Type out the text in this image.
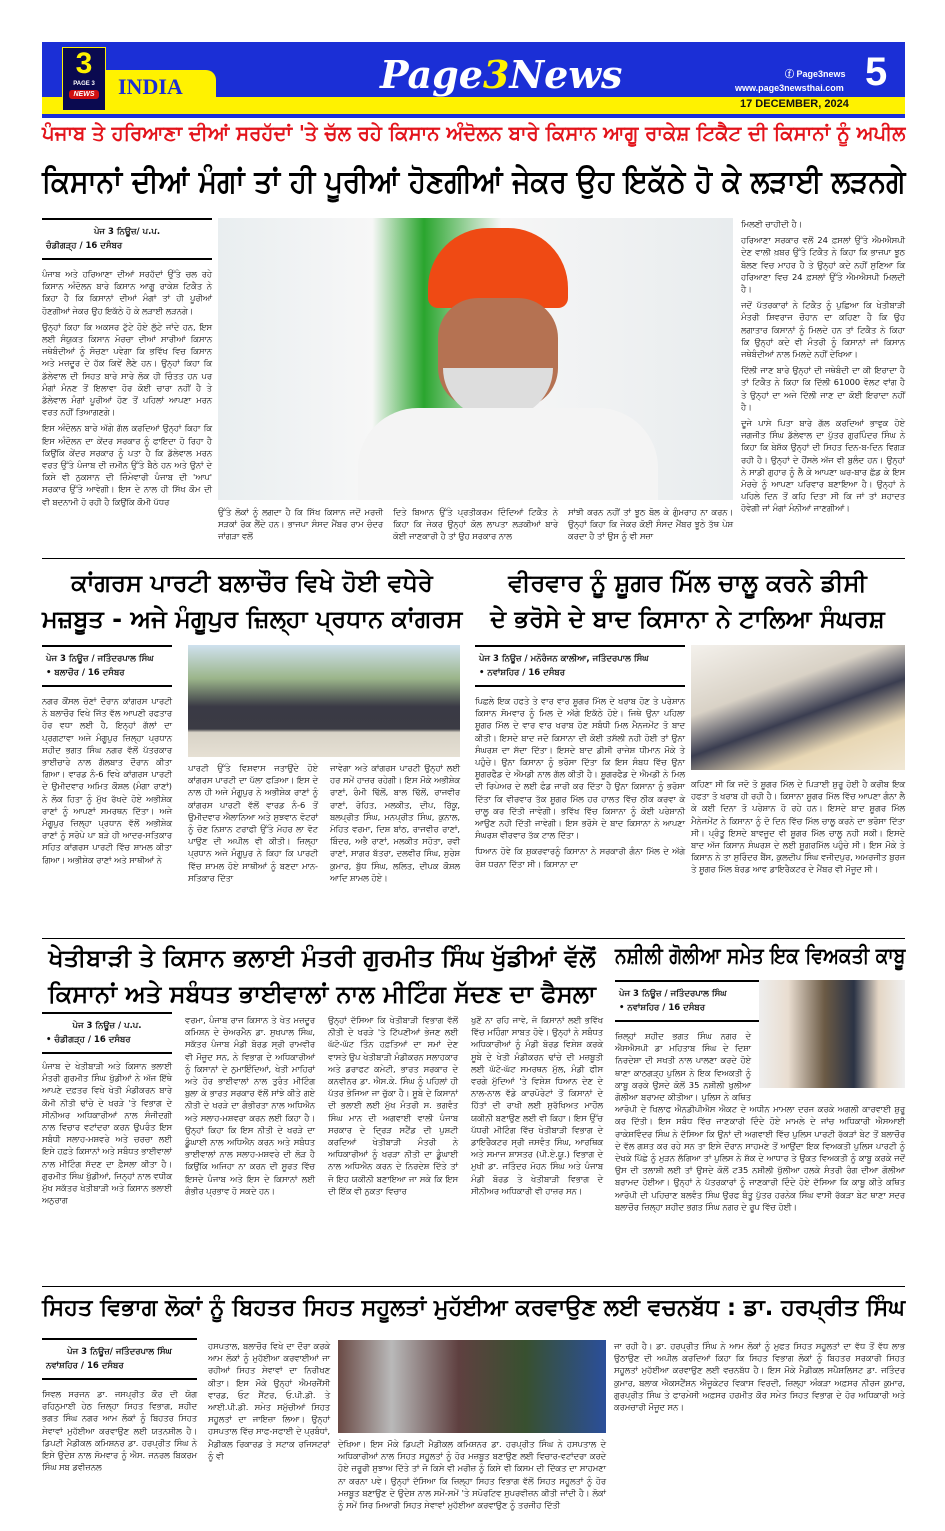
3
PAGE 3
NEWS	INDIA	Page3News	ⓕ Page3news
www.page3newsthai.com 5
17 DECEMBER, 2024
ਪੰਜਾਬ ਤੇ ਹਰਿਆਣਾ ਦੀਆਂ ਸਰਹੱਦਾਂ 'ਤੇ ਚੱਲ ਰਹੇ ਕਿਸਾਨ ਅੰਦੋਲਨ ਬਾਰੇ ਕਿਸਾਨ ਆਗੂ ਰਾਕੇਸ਼ ਟਿਕੈਟ ਦੀ ਕਿਸਾਨਾਂ ਨੂੰ ਅਪੀਲ
ਕਿਸਾਨਾਂ ਦੀਆਂ ਮੰਗਾਂ ਤਾਂ ਹੀ ਪੂਰੀਆਂ ਹੋਣਗੀਆਂ ਜੇਕਰ ਉਹ ਇਕੱਠੇ ਹੋ ਕੇ ਲੜਾਈ ਲੜਨਗੇ
ਪੇਜ 3 ਨਿਊਜ਼/ ਪ.ਪ.
ਚੰਡੀਗੜ੍ਹ / 16 ਦਸੰਬਰ

ਪੰਜਾਬ ਅਤੇ ਹਰਿਆਣਾ ਦੀਆਂ ਸਰਹੱਦਾਂ ਉੱਤੇ ਚਲ ਰਹੇ ਕਿਸਾਨ ਅੰਦੋਲਨ ਬਾਰੇ ਕਿਸਾਨ ਆਗੂ ਰਾਕੇਸ਼ ਟਿਕੈਤ ਨੇ ਕਿਹਾ ਹੈ ਕਿ ਕਿਸਾਨਾਂ ਦੀਆਂ ਮੰਗਾਂ ਤਾਂ ਹੀ ਪੂਰੀਆਂ ਹੋਣਗੀਆਂ ਜੇਕਰ ਉਹ ਇਕੱਠੇ ਹੋ ਕੇ ਲੜਾਈ ਲੜਨਗੇ।

ਉਨ੍ਹਾਂ ਕਿਹਾ ਕਿ ਅਕਸਰ ਟੁੱਟੇ ਹੋਏ ਲੁੱਟੇ ਜਾਂਦੇ ਹਨ, ਇਸ ਲਈ ਸੰਯੁਕਤ ਕਿਸਾਨ ਮੋਰਚਾ ਦੀਆਂ ਸਾਰੀਆਂ ਕਿਸਾਨ ਜਥੇਬੰਦੀਆਂ ਨੂੰ ਸੋਚਣਾ ਪਵੇਗਾ ਕਿ ਭਵਿੱਖ ਵਿਚ ਕਿਸਾਨ ਅਤੇ ਮਜ਼ਦੂਰ ਦੇ ਹੱਕ ਕਿਵੇਂ ਲੈਣੇ ਹਨ। ਉਨ੍ਹਾਂ ਕਿਹਾ ਕਿ ਡੱਲੇਵਾਲ ਦੀ ਸਿਹਤ ਬਾਰੇ ਸਾਰੇ ਲੋਕ ਹੀ ਚਿੰਤਤ ਹਨ ਪਰ ਮੰਗਾਂ ਮੰਨਣ ਤੋਂ ਇਲਾਵਾ ਹੋਰ ਕੋਈ ਚਾਰਾ ਨਹੀਂ ਹੈ ਤੇ ਡੱਲੇਵਾਲ ਮੰਗਾਂ ਪੂਰੀਆਂ ਹੋਣ ਤੋਂ ਪਹਿਲਾਂ ਆਪਣਾ ਮਰਨ ਵਰਤ ਨਹੀਂ ਤਿਆਗਣਗੇ।

ਇਸ ਅੰਦੋਲਨ ਬਾਰੇ ਅੱਗੇ ਗੱਲ ਕਰਦਿਆਂ ਉਨ੍ਹਾਂ ਕਿਹਾ ਕਿ ਇਸ ਅੰਦੋਲਨ ਦਾ ਕੇਂਦਰ ਸਰਕਾਰ ਨੂੰ ਫਾਇਦਾ ਹੋ ਰਿਹਾ ਹੈ ਕਿਉਂਕਿ ਕੇਂਦਰ ਸਰਕਾਰ ਨੂੰ ਪਤਾ ਹੈ ਕਿ ਡੱਲੇਵਾਲ ਮਰਨ ਵਰਤ ਉੱਤੇ ਪੰਜਾਬ ਦੀ ਜ਼ਮੀਨ ਉੱਤੇ ਬੈਠੇ ਹਨ ਅਤੇ ਉਨਾਂ ਦੇ ਕਿਸੇ ਵੀ ਨੁਕਸਾਨ ਦੀ ਜ਼ਿੰਮੇਵਾਰੀ ਪੰਜਾਬ ਦੀ 'ਆਪ' ਸਰਕਾਰ ਉੱਤੇ ਆਵੇਗੀ। ਇਸ ਦੇ ਨਾਲ ਹੀ ਸਿੱਖ ਕੌਮ ਦੀ ਵੀ ਬਦਨਾਮੀ ਹੋ ਰਹੀ ਹੈ ਕਿਉਂਕਿ ਕੌਮੀ ਪੱਧਰ

ਉੱਤੇ ਲੋਕਾਂ ਨੂੰ ਲਗਦਾ ਹੈ ਕਿ ਸਿੱਖ ਕਿਸਾਨ ਜਦੋਂ ਮਰਜ਼ੀ ਸੜਕਾਂ ਰੋਕ ਲੈਂਦੇ ਹਨ। ਭਾਜਪਾ ਸੰਸਦ ਮੈਂਬਰ ਰਾਮ ਚੰਦਰ ਜਾਂਗੜਾ ਵਲੋਂ
ਦਿਤੇ ਬਿਆਨ ਉੱਤੇ ਪ੍ਰਤੀਕਰਮ ਦਿੰਦਿਆਂ ਟਿਕੈਤ ਨੇ ਕਿਹਾ ਕਿ ਜੇਕਰ ਉਨ੍ਹਾਂ ਕੋਲ ਲਾਪਤਾ ਲੜਕੀਆਂ ਬਾਰੇ ਕੋਈ ਜਾਣਕਾਰੀ ਹੈ ਤਾਂ ਉਹ ਸਰਕਾਰ ਨਾਲ
ਸਾਂਝੀ ਕਰਨ ਨਹੀਂ ਤਾਂ ਝੂਠ ਬੋਲ ਕੇ ਗੁੰਮਰਾਹ ਨਾ ਕਰਨ। ਉਨ੍ਹਾਂ ਕਿਹਾ ਕਿ ਜੇਕਰ ਕੋਈ ਸੰਸਦ ਮੈਂਬਰ ਝੂਠੇ ਤੱਥ ਪੇਸ਼ ਕਰਦਾ ਹੈ ਤਾਂ ਉਸ ਨੂੰ ਵੀ ਸਜ਼ਾ

ਮਿਲਣੀ ਚਾਹੀਦੀ ਹੈ।

ਹਰਿਆਣਾ ਸਰਕਾਰ ਵਲੋਂ 24 ਫ਼ਸਲਾਂ ਉੱਤੇ ਐਮਐਸਪੀ ਦੇਣ ਵਾਲੀ ਖ਼ਬਰ ਉੱਤੇ ਟਿਕੈਤ ਨੇ ਕਿਹਾ ਕਿ ਭਾਜਪਾ ਝੂਠ ਬੋਲਣ ਵਿਚ ਮਾਹਰ ਹੈ ਤੇ ਉਨ੍ਹਾਂ ਕਦੇ ਨਹੀਂ ਸੁਣਿਆ ਕਿ ਹਰਿਆਣਾ ਵਿਚ 24 ਫ਼ਸਲਾਂ ਉੱਤੇ ਐਮਐਸਪੀ ਮਿਲਦੀ ਹੈ।

ਜਦੋਂ ਪੱਤਰਕਾਰਾਂ ਨੇ ਟਿਕੈਤ ਨੂੰ ਪੁਛਿਆ ਕਿ ਖੇਤੀਬਾੜੀ ਮੰਤਰੀ ਸ਼ਿਵਰਾਜ ਚੌਹਾਨ ਦਾ ਕਹਿਣਾ ਹੈ ਕਿ ਉਹ ਲਗਾਤਾਰ ਕਿਸਾਨਾਂ ਨੂੰ ਮਿਲਦੇ ਹਨ ਤਾਂ ਟਿਕੈਤ ਨੇ ਕਿਹਾ ਕਿ ਉਨ੍ਹਾਂ ਕਦੇ ਵੀ ਮੰਤਰੀ ਨੂੰ ਕਿਸਾਨਾਂ ਜਾਂ ਕਿਸਾਨ ਜਥੇਬੰਦੀਆਂ ਨਾਲ ਮਿਲਦੇ ਨਹੀਂ ਦੇਖਿਆ।

ਦਿੱਲੀ ਜਾਣ ਬਾਰੇ ਉਨ੍ਹਾਂ ਦੀ ਜਥੇਬੰਦੀ ਦਾ ਕੀ ਇਰਾਦਾ ਹੈ ਤਾਂ ਟਿਕੈਤ ਨੇ ਕਿਹਾ ਕਿ ਦਿੱਲੀ 61000 ਵੋਲਟ ਵਾਂਗ ਹੈ ਤੇ ਉਨ੍ਹਾਂ ਦਾ ਅਜੇ ਦਿੱਲੀ ਜਾਣ ਦਾ ਕੋਈ ਇਰਾਦਾ ਨਹੀਂ ਹੈ।

ਦੂਜੇ ਪਾਸੇ ਪਿਤਾ ਬਾਰੇ ਗੱਲ ਕਰਦਿਆਂ ਭਾਵੁਕ ਹੋਏ ਜਗਜੀਤ ਸਿੰਘ ਡੱਲੇਵਾਲ ਦਾ ਪੁੱਤਰ ਗੁਰਪਿੰਦਰ ਸਿੰਘ ਨੇ ਕਿਹਾ ਕਿ ਬੇਸ਼ੱਕ ਉਨ੍ਹਾਂ ਦੀ ਸਿਹਤ ਦਿਨ-ਬ-ਦਿਨ ਵਿਗੜ ਰਹੀ ਹੈ। ਉਨ੍ਹਾਂ ਦੇ ਹੌਂਸਲੇ ਅੱਜ ਵੀ ਬੁਲੰਦ ਹਨ। ਉਨ੍ਹਾਂ ਨੇ ਸਾਡੀ ਗੁਹਾਰ ਨੂੰ ਲੈ ਕੇ ਆਪਣਾ ਘਰ-ਬਾਰ ਛੱਡ ਕੇ ਇਸ ਮੋਰਚੇ ਨੂੰ ਆਪਣਾ ਪਰਿਵਾਰ ਬਣਾਇਆ ਹੈ। ਉਨ੍ਹਾਂ ਨੇ ਪਹਿਲੇ ਦਿਨ ਤੋਂ ਕਹਿ ਦਿਤਾ ਸੀ ਕਿ ਜਾਂ ਤਾਂ ਸ਼ਹਾਦਤ ਹੋਵੇਗੀ ਜਾਂ ਮੰਗਾਂ ਮੰਨੀਆਂ ਜਾਣਗੀਆਂ।

ਕਾਂਗਰਸ ਪਾਰਟੀ ਬਲਾਚੌਰ ਵਿਖੇ ਹੋਈ ਵਧੇਰੇ
ਮਜ਼ਬੂਤ - ਅਜੇ ਮੰਗੂਪੁਰ ਜ਼ਿਲ੍ਹਾ ਪ੍ਰਧਾਨ ਕਾਂਗਰਸ
ਪੇਜ 3 ਨਿਊਜ਼ / ਜਤਿੰਦਰਪਾਲ ਸਿੰਘ
• ਬਲਾਚੌਰ / 16 ਦਸੰਬਰ
ਨਗਰ ਕੌਂਸਲ ਚੋਣਾਂ ਦੌਰਾਨ ਕਾਂਗਰਸ ਪਾਰਟੀ ਨੇ ਬਲਾਚੌਰ ਵਿਖੇ ਜਿੱਤ ਵੱਲ ਆਪਣੀ ਰਫਤਾਰ ਹੋਰ ਵਧਾ ਲਈ ਹੈ, ਇਨ੍ਹਾਂ ਗੱਲਾਂ ਦਾ ਪ੍ਰਗਟਾਵਾ ਅਜੇ ਮੰਗੂਪੁਰ ਜ਼ਿਲ੍ਹਾ ਪ੍ਰਧਾਨ ਸ਼ਹੀਦ ਭਗਤ ਸਿੰਘ ਨਗਰ ਵੱਲੋਂ ਪੱਤਰਕਾਰ ਭਾਈਚਾਰੇ ਨਾਲ ਗੱਲਬਾਤ ਦੌਰਾਨ ਕੀਤਾ ਗਿਆ। ਵਾਰਡ ਨੰ-6 ਵਿਖੇ ਕਾਂਗਰਸ ਪਾਰਟੀ ਦੇ ਉਮੀਦਵਾਰ ਅਮਿਤ ਕੌਸ਼ਲ (ਮੰਗਾ ਰਾਣਾਂ) ਨੇ ਲੋਕ ਹਿਤਾ ਨੂੰ ਮੁੱਖ ਰੱਖਦੇ ਹੋਏ ਅਭੀਸ਼ੇਕ ਰਾਣਾਂ ਨੂੰ ਆਪਣਾਂ ਸਮਰਥਨ ਦਿੱਤਾ। ਅਜੇ ਮੰਗੂਪੁਰ ਜ਼ਿਲ੍ਹਾ ਪ੍ਰਧਾਨ ਵੱਲੋਂ ਅਭੀਸ਼ੇਕ ਰਾਣਾਂ ਨੂੰ ਸਰੋਪੇ ਪਾ ਬੜੇ ਹੀ ਆਦਰ-ਸਤਿਕਾਰ ਸਹਿਤ ਕਾਂਗਰਸ ਪਾਰਟੀ ਵਿੱਚ ਸ਼ਾਮਲ ਕੀਤਾ ਗਿਆ। ਅਭੀਸ਼ੇਕ ਰਾਣਾਂ ਅਤੇ ਸਾਥੀਆਂ ਨੇ
ਪਾਰਟੀ ਉੱਤੇ ਵਿਸ਼ਵਾਸ ਜਤਾਉਂਦੇ ਹੋਏ ਕਾਂਗਰਸ ਪਾਰਟੀ ਦਾ ਪੱਲਾ ਫੜਿਆ। ਇਸ ਦੇ ਨਾਲ ਹੀ ਅਜੇ ਮੰਗੂਪੁਰ ਨੇ ਅਭੀਸ਼ੇਕ ਰਾਣਾਂ ਨੂੰ ਕਾਂਗਰਸ ਪਾਰਟੀ ਵੱਲੋਂ ਵਾਰਡ ਨੰ-6 ਤੋਂ ਉਮੀਦਵਾਰ ਐਲਾਨਿਆ ਅਤੇ ਸੁਝਵਾਨ ਵੋਟਰਾਂ ਨੂੰ ਚੋਣ ਨਿਸ਼ਾਨ ਟਰਾਫੀ ਉੱਤੇ ਮੋਹਰ ਲਾ ਵੋਟ ਪਾਉਣ ਦੀ ਅਪੀਲ ਵੀ ਕੀਤੀ। ਜ਼ਿਲ੍ਹਾ ਪ੍ਰਧਾਨ ਅਜੇ ਮੰਗੂਪੁਰ ਨੇ ਕਿਹਾ ਕਿ ਪਾਰਟੀ ਵਿੱਚ ਸ਼ਾਮਲ ਹੋਏ ਸਾਥੀਆਂ ਨੂੰ ਬਣਦਾ ਮਾਨ-ਸਤਿਕਾਰ ਦਿੱਤਾ
ਜਾਵੇਗਾ ਅਤੇ ਕਾਂਗਰਸ ਪਾਰਟੀ ਉਨ੍ਹਾਂ ਲਈ ਹਰ ਸਮੇਂ ਹਾਜ਼ਰ ਰਹੇਗੀ। ਇਸ ਮੌਕੇ ਅਭੀਸ਼ੇਕ ਰਾਣਾਂ, ਰੰਮੀ ਢਿੱਲੋਂ, ਬਾਲ ਢਿੱਲੋਂ, ਰਾਜਵੀਰ ਰਾਣਾਂ, ਰੋਹਿਤ, ਮਲਕੀਤ, ਦੀਪ, ਰਿੱਕੂ, ਬਲਪ੍ਰੀਤ ਸਿੰਘ, ਮਨਪ੍ਰੀਤ ਸਿੰਘ, ਕੁਨਾਲ, ਮੋਹਿਤ ਵਰਮਾ, ਦਿਸ਼ ਬਾਂਠ, ਰਾਜਵੀਰ ਰਾਣਾਂ, ਬਿੰਦਰ, ਅਭੈ ਰਾਣਾਂ, ਮਲਕੀਤ ਸਹੋਤਾ, ਰਵੀ ਰਾਣਾਂ, ਸਾਗਰ ਬੱਤਰਾ, ਦਲਵੀਰ ਸਿੰਘ, ਸੁਰੇਸ਼ ਕੁਮਾਰ, ਬੁੱਧ ਸਿੰਘ, ਲਲਿਤ, ਦੀਪਕ ਕੌਸ਼ਲ ਆਦਿ ਸ਼ਾਮਲ ਹੋਏ।
ਵੀਰਵਾਰ ਨੂੰ ਸ਼ੂਗਰ ਮਿੱਲ ਚਾਲੂ ਕਰਨੇ ਡੀਸੀ
ਦੇ ਭਰੋਸੇ ਦੇ ਬਾਦ ਕਿਸਾਨਾ ਨੇ ਟਾਲਿਆ ਸੰਘਰਸ਼
ਪੇਜ 3 ਨਿਊਜ਼ / ਮਨੋਰੰਜਨ ਕਾਲੀਆ, ਜਤਿੰਦਰਪਾਲ ਸਿੰਘ
• ਨਵਾਂਸ਼ਹਿਰ / 16 ਦਸੰਬਰ

ਪਿਛਲੇ ਇਕ ਹਫਤੇ ਤੇ ਵਾਰ ਵਾਰ ਸ਼ੂਗਰ ਮਿੱਲ ਦੇ ਖਰਾਬ ਹੋਣ ਤੇ ਪਰੇਸ਼ਾਨ ਕਿਸਾਨ ਸੋਮਵਾਰ ਨੂੰ ਮਿਲ ਦੇ ਅੱਗੇ ਇਕੱਠੇ ਹੋਏ। ਜਿਥੇ ਉਨਾ ਪਹਿਲਾ ਸ਼ੂਗਰ ਮਿੱਲ ਦੇ ਵਾਰ ਵਾਰ ਖਰਾਬ ਹੋਣ ਸਬੰਧੀ ਮਿਲ ਮੈਨਜਮੇਂਟ ਤੋ ਬਾਦ ਕੀਤੀ। ਇਸਦੇ ਬਾਦ ਜਦੋ ਕਿਸਾਨਾ ਦੀ ਕੋਈ ਤਸੱਲੀ ਨਹੀ ਹੋਈ ਤਾਂ ਉਨਾ ਸੰਘਰਸ਼ ਦਾ ਸੱਦਾ ਦਿੱਤਾ। ਇਸਦੇ ਬਾਦ ਡੀਸੀ ਰਾਜੇਸ਼ ਧੀਮਾਨ ਮੌਕੇ ਤੇ ਪਹੁੰਚੇ। ਉਨਾ ਕਿਸਾਨਾ ਨੂੰ ਭਰੋਸਾ ਦਿੱਤਾ ਕਿ ਇਸ ਸੰਬਧ ਵਿੱਚ ਉਨਾ ਸ਼ੂਗਰਫੈਡ ਦੇ ਐਮਡੀ ਨਾਲ ਗੱਲ ਕੀਤੀ ਹੈ। ਸ਼ੂਗਰਫੈਡ ਦੇ ਐਮਡੀ ਨੇ ਮਿਲ ਦੀ ਰਿਪੇਅਰ ਦੇ ਲਈ ਫੰਡ ਜਾਰੀ ਕਰ ਦਿੱਤਾ ਹੈ ਉਨਾ ਕਿਸਾਨਾ ਨੂੰ ਭਰੋਸਾ ਦਿੱਤਾ ਕਿ ਵੀਰਵਾਰ ਤੱਕ ਸ਼ੂਗਰ ਮਿੱਲ ਹਰ ਹਾਲਤ ਵਿੱਚ ਠੀਕ ਕਰਵਾ ਕੇ ਚਾਲੂ ਕਰ ਦਿੱਤੀ ਜਾਵੇਗੀ। ਭਵਿੱਖ ਵਿੱਚ ਕਿਸਾਨਾ ਨੂੰ ਕੋਈ ਪਰੇਸ਼ਾਨੀ ਆਉਣ ਨਹੀ ਦਿੱਤੀ ਜਾਵੇਗੀ। ਇਸ ਭਰੋਸੇ ਦੇ ਬਾਦ ਕਿਸਾਨਾ ਨੇ ਆਪਣਾ ਸੰਘਰਸ਼ ਵੀਰਵਾਰ ਤੱਕ ਟਾਲ ਦਿੱਤਾ।

ਧਿਆਨ ਹੋਵੇ ਕਿ ਸ਼ੁਕਰਵਾਰਨੂੰ ਕਿਸਾਨਾ ਨੇ ਸਰਕਾਰੀ ਗੰਨਾ ਮਿੱਲ ਦੇ ਅੱਗੇ ਰੋਸ਼ ਧਰਨਾ ਦਿੱਤਾ ਸੀ। ਕਿਸਾਨਾ ਦਾ

ਕਹਿਣਾ ਸੀ ਕਿ ਜਦੋ ਤੋ ਸ਼ੂਗਰ ਮਿੱਲ ਦੇ ਪਿੜਾਈ ਸ਼ੁਰੂ ਹੋਈ ਹੈ ਕਰੀਬ ਇਕ ਹਫਤਾ ਤੋ ਖਰਾਬ ਹੀ ਰਹੀ ਹੈ। ਕਿਸਾਨਾ ਸ਼ੂਗਰ ਮਿੱਲ ਵਿੱਚ ਆਪਣਾ ਗੰਨਾ ਲੈ ਕੇ ਕਈ ਦਿਨਾ ਤੋ ਪਰੇਸ਼ਾਨ ਹੋ ਰਹੇ ਹਨ। ਇਸਦੇ ਬਾਦ ਸ਼ੂਗਰ ਮਿੱਲ ਮੈਨੇਜਮੇਂਟ ਨੇ ਕਿਸਾਨਾ ਨੂੰ ਦੋ ਦਿਨ ਵਿੱਚ ਮਿੱਲ ਚਾਲੂ ਕਰਨੇ ਦਾ ਭਰੋਸਾ ਦਿੱਤਾ ਸੀ। ਪ੍ਰੰਤੂ ਇਸਦੇ ਬਾਵਜੂਦ ਵੀ ਸ਼ੂਗਰ ਮਿੱਲ ਚਾਲੂ ਨਹੀ ਸਕੀ। ਇਸਦੇ ਬਾਦ ਅੱਜ ਕਿਸਾਨ ਸੰਘਰਸ਼ ਦੇ ਲਈ ਸ਼ੂਗਰਮਿੱਲ ਪਹੁੰਚੇ ਸੀ। ਇਸ ਮੌਕੇ ਤੇ ਕਿਸਾਨ ਨੇ ਤਾ ਸੁਰਿੰਦਰ ਬੈਂਸ, ਕੁਲਦੀਪ ਸਿੰਘ ਵਜੀਦਪੁਰ, ਅਮਰਜੀਤ ਬੁਰਜ ਤੇ ਸ਼ੂਗਰ ਮਿੱਲ ਬੋਰਡ ਆਵ ਡਾਇਰੈਕਟਰ ਦੇ ਮੈਂਬਰ ਵੀ ਮੌਜੂਦ ਸੀ।
ਖੇਤੀਬਾੜੀ ਤੇ ਕਿਸਾਨ ਭਲਾਈ ਮੰਤਰੀ ਗੁਰਮੀਤ ਸਿੰਘ ਖੁੱਡੀਆਂ ਵੱਲੋਂ
ਕਿਸਾਨਾਂ ਅਤੇ ਸਬੰਧਤ ਭਾਈਵਾਲਾਂ ਨਾਲ ਮੀਟਿੰਗ ਸੱਦਣ ਦਾ ਫੈਸਲਾ
ਪੇਜ 3 ਨਿਊਜ਼ / ਪ.ਪ.
• ਚੰਡੀਗੜ੍ਹ / 16 ਦਸੰਬਰ
ਪੰਜਾਬ ਦੇ ਖੇਤੀਬਾੜੀ ਅਤੇ ਕਿਸਾਨ ਭਲਾਈ ਮੰਤਰੀ ਗੁਰਮੀਤ ਸਿੰਘ ਖੁੱਡੀਆਂ ਨੇ ਅੱਜ ਇੱਥੇ ਆਪਣੇ ਦਫ਼ਤਰ ਵਿਖੇ ਖੇਤੀ ਮੰਡੀਕਰਨ ਬਾਰੇ ਕੌਮੀ ਨੀਤੀ ਢਾਂਚੇ ਦੇ ਖਰੜੇ 'ਤੇ ਵਿਭਾਗ ਦੇ ਸੀਨੀਅਰ ਅਧਿਕਾਰੀਆਂ ਨਾਲ ਸੰਜੀਦਗੀ ਨਾਲ ਵਿਚਾਰ ਵਟਾਂਦਰਾ ਕਰਨ ਉਪਰੰਤ ਇਸ ਸਬੰਧੀ ਸਲਾਹ-ਮਸ਼ਵਰੇ ਅਤੇ ਚਰਚਾ ਲਈ ਇਸੇ ਹਫ਼ਤੇ ਕਿਸਾਨਾਂ ਅਤੇ ਸਬੰਧਤ ਭਾਈਵਾਲਾਂ ਨਾਲ ਮੀਟਿੰਗ ਸੱਦਣ ਦਾ ਫ਼ੈਸਲਾ ਕੀਤਾ ਹੈ। ਗੁਰਮੀਤ ਸਿੰਘ ਖੁੱਡੀਆਂ, ਜਿਨ੍ਹਾਂ ਨਾਲ ਵਧੀਕ ਮੁੱਖ ਸਕੱਤਰ ਖੇਤੀਬਾੜੀ ਅਤੇ ਕਿਸਾਨ ਭਲਾਈ ਅਨੁਰਾਗ
ਵਰਮਾ, ਪੰਜਾਬ ਰਾਜ ਕਿਸਾਨ ਤੇ ਖੇਤ ਮਜ਼ਦੂਰ ਕਮਿਸ਼ਨ ਦੇ ਚੇਅਰਮੈਨ ਡਾ. ਸੁਖਪਾਲ ਸਿੰਘ, ਸਕੱਤਰ ਪੰਜਾਬ ਮੰਡੀ ਬੋਰਡ ਸ੍ਰੀ ਰਾਮਵੀਰ ਵੀ ਮੌਜੂਦ ਸਨ, ਨੇ ਵਿਭਾਗ ਦੇ ਅਧਿਕਾਰੀਆਂ ਨੂੰ ਕਿਸਾਨਾਂ ਦੇ ਨੁਮਾਇੰਦਿਆਂ, ਖੇਤੀ ਮਾਹਿਰਾਂ ਅਤੇ ਹੋਰ ਭਾਈਵਾਲਾਂ ਨਾਲ ਤੁਰੰਤ ਮੀਟਿੰਗ ਬੁਲਾ ਕੇ ਭਾਰਤ ਸਰਕਾਰ ਵੱਲੋਂ ਸਾਂਝੇ ਕੀਤੇ ਗਏ ਨੀਤੀ ਦੇ ਖਰੜੇ ਦਾ ਗੰਭੀਰਤਾ ਨਾਲ ਅਧਿਐਨ ਅਤੇ ਸਲਾਹ-ਮਸ਼ਵਰਾ ਕਰਨ ਲਈ ਕਿਹਾ ਹੈ। ਉਨ੍ਹਾਂ ਕਿਹਾ ਕਿ ਇਸ ਨੀਤੀ ਦੇ ਖਰੜੇ ਦਾ ਡੂੰਘਾਈ ਨਾਲ ਅਧਿਐਨ ਕਰਨ ਅਤੇ ਸਬੰਧਤ ਭਾਈਵਾਲਾਂ ਨਾਲ ਸਲਾਹ-ਮਸ਼ਵਰੇ ਦੀ ਲੋੜ ਹੈ ਕਿਉਂਕਿ ਅਜਿਹਾ ਨਾ ਕਰਨ ਦੀ ਸੂਰਤ ਵਿੱਚ ਇਸਦੇ ਪੰਜਾਬ ਅਤੇ ਇਸ ਦੇ ਕਿਸਾਨਾਂ ਲਈ ਗੰਭੀਰ ਪ੍ਰਭਾਵ ਹੋ ਸਕਦੇ ਹਨ।
ਉਨ੍ਹਾਂ ਦੱਸਿਆ ਕਿ ਖੇਤੀਬਾੜੀ ਵਿਭਾਗ ਵੱਲੋਂ ਨੀਤੀ ਦੇ ਖਰੜੇ 'ਤੇ ਟਿੱਪਣੀਆਂ ਭੇਜਣ ਲਈ ਘੱਟੋ-ਘੱਟ ਤਿੰਨ ਹਫ਼ਤਿਆਂ ਦਾ ਸਮਾਂ ਦੇਣ ਵਾਸਤੇ ਉਪ ਖੇਤੀਬਾੜੀ ਮੰਡੀਕਰਨ ਸਲਾਹਕਾਰ ਅਤੇ ਡਰਾਫਟ ਕਮੇਟੀ, ਭਾਰਤ ਸਰਕਾਰ ਦੇ ਕਨਵੀਨਰ ਡਾ. ਐਸ.ਕੇ. ਸਿੰਘ ਨੂੰ ਪਹਿਲਾਂ ਹੀ ਪੱਤਰ ਭੇਜਿਆ ਜਾ ਚੁੱਕਾ ਹੈ। ਸੂਬੇ ਦੇ ਕਿਸਾਨਾਂ ਦੀ ਭਲਾਈ ਲਈ ਮੁੱਖ ਮੰਤਰੀ ਸ. ਭਗਵੰਤ ਸਿੰਘ ਮਾਨ ਦੀ ਅਗਵਾਈ ਵਾਲੀ ਪੰਜਾਬ ਸਰਕਾਰ ਦੇ ਦ੍ਰਿੜ ਸਟੈਂਡ ਦੀ ਪੁਸ਼ਟੀ ਕਰਦਿਆਂ ਖੇਤੀਬਾੜੀ ਮੰਤਰੀ ਨੇ ਅਧਿਕਾਰੀਆਂ ਨੂੰ ਖਰੜਾ ਨੀਤੀ ਦਾ ਡੂੰਘਾਈ ਨਾਲ ਅਧਿਐਨ ਕਰਨ ਦੇ ਨਿਰਦੇਸ਼ ਦਿੱਤੇ ਤਾਂ ਜੋ ਇਹ ਯਕੀਨੀ ਬਣਾਇਆ ਜਾ ਸਕੇ ਕਿ ਇਸ ਦੀ ਇੱਕ ਵੀ ਨੁਕਤਾ ਵਿਚਾਰ
ਖੁਣੋਂ ਨਾ ਰਹਿ ਜਾਵੇ, ਜੋ ਕਿਸਾਨਾਂ ਲਈ ਭਵਿੱਖ ਵਿੱਚ ਮਹਿੰਗਾ ਸਾਬਤ ਹੋਵੇ। ਉਨ੍ਹਾਂ ਨੇ ਸਬੰਧਤ ਅਧਿਕਾਰੀਆਂ ਨੂੰ ਮੰਡੀ ਬੋਰਡ ਵਿਸ਼ੇਸ਼ ਕਰਕੇ ਸੂਬੇ ਦੇ ਖੇਤੀ ਮੰਡੀਕਰਨ ਢਾਂਚੇ ਦੀ ਮਜ਼ਬੂਤੀ ਲਈ ਘੱਟੋ-ਘੱਟ ਸਮਰਥਨ ਮੁੱਲ, ਮੰਡੀ ਫੀਸ ਵਰਗੇ ਮੁੱਦਿਆਂ 'ਤੇ ਵਿਸ਼ੇਸ਼ ਧਿਆਨ ਦੇਣ ਦੇ ਨਾਲ-ਨਾਲ ਵੱਡੇ ਕਾਰਪੋਰੇਟਾਂ ਤੋਂ ਕਿਸਾਨਾਂ ਦੇ ਹਿੱਤਾਂ ਦੀ ਰਾਖੀ ਲਈ ਸੁਰੱਖਿਅਤ ਮਾਹੌਲ ਯਕੀਨੀ ਬਣਾਉਣ ਲਈ ਵੀ ਕਿਹਾ। ਇਸ ਉੱਚ ਪੱਧਰੀ ਮੀਟਿੰਗ ਵਿੱਚ ਖੇਤੀਬਾੜੀ ਵਿਭਾਗ ਦੇ ਡਾਇਰੈਕਟਰ ਸ੍ਰੀ ਜਸਵੰਤ ਸਿੰਘ, ਆਰਥਿਕ ਅਤੇ ਸਮਾਜ ਸ਼ਾਸਤਰ (ਪੀ.ਏ.ਯੂ.) ਵਿਭਾਗ ਦੇ ਮੁਖੀ ਡਾ. ਜਤਿੰਦਰ ਮੋਹਨ ਸਿੰਘ ਅਤੇ ਪੰਜਾਬ ਮੰਡੀ ਬੋਰਡ ਤੇ ਖੇਤੀਬਾੜੀ ਵਿਭਾਗ ਦੇ ਸੀਨੀਅਰ ਅਧਿਕਾਰੀ ਵੀ ਹਾਜ਼ਰ ਸਨ।
ਨਸ਼ੀਲੀ ਗੋਲੀਆ ਸਮੇਤ ਇਕ ਵਿਅਕਤੀ ਕਾਬੂ
ਪੇਜ 3 ਨਿਊਜ਼ / ਜਤਿੰਦਰਪਾਲ ਸਿੰਘ
• ਨਵਾਂਸ਼ਹਿਰ / 16 ਦਸੰਬਰ
ਜ਼ਿਲ੍ਹਾਂ ਸ਼ਹੀਦ ਭਗਤ ਸਿੰਘ ਨਗਰ ਦੇ ਐਸਐਸਪੀ ਡਾ ਮਹਿਤਾਬ ਸਿੰਘ ਦੇ ਦਿਸ਼ਾ ਨਿਰਦੇਸ਼ਾ ਦੀ ਸਖਤੀ ਨਾਲ ਪਾਲਣਾ ਕਰਦੇ ਹੋਏ ਥਾਣਾ ਕਾਠਗੜ੍ਹ ਪੁਲਿਸ ਨੇ ਇਕ ਵਿਅਕਤੀ ਨੂੰ ਕਾਬੂ ਕਰਕੇ ਉਸਦੇ ਕੋਲੋਂ 35 ਨਸ਼ੀਲੀ ਖੁਲੀਆ ਗੋਲੀਆ ਬਰਾਮਦ ਕੀਤੀਆ। ਪੁਲਿਸ ਨੇ ਕਥਿਤ ਆਰੋਪੀ ਦੇ ਖਿਲਾਫ ਐਨਡੀਪੀਐਸ ਐਕਟ ਦੇ ਅਧੀਨ ਮਾਮਲਾ ਦਰਜ ਕਰਕੇ ਅਗਲੀ ਕਾਰਵਾਈ ਸ਼ੁਰੂ ਕਰ ਦਿੱਤੀ। ਇਸ ਸਬੰਧ ਵਿੱਚ ਜਾਣਕਾਰੀ ਦਿੰਦੇ ਹੋਏ ਮਾਮਲੇ ਦੇ ਜਾਂਚ ਅਧਿਕਾਰੀ ਐਸਆਈ ਰਾਕੇਸ਼ਵਿੰਦਰ ਸਿੰਘ ਨੇ ਦੱਸਿਆ ਕਿ ਉਨਾਂ ਦੀ ਅਗਵਾਈ ਵਿੱਚ ਪੁਲਿਸ ਪਾਰਟੀ ਰੱਕੜਾਂ ਬੇਟ ਤੋਂ ਬਲਾਚੌਰ ਦੇ ਵੱਲ ਗਸ਼ਤ ਕਰ ਰਹੇ ਸਨ ਤਾ ਇਸੇ ਦੌਰਾਨ ਸਾਹਮਣੇ ਤੋਂ ਆਉਂਦਾ ਇਕ ਵਿਅਕਤੀ ਪੁਲਿਸ ਪਾਰਟੀ ਨੂੰ ਦੇਖਕੇ ਪਿੱਛੇ ਨੂੰ ਮੁੜਨ ਲੱਗਿਆ ਤਾਂ ਪੁਲਿਸ ਨੇ ਸ਼ੱਕ ਦੇ ਆਧਾਰ ਤੇ ਉਕਤ ਵਿਅਕਤੀ ਨੂੰ ਕਾਬੂ ਕਰਕੇ ਜਦੋਂ ਉਸ ਦੀ ਤਲਾਸ਼ੀ ਲਈ ਤਾਂ ਉਸਦੇ ਕੋਲੋਂ ਟ35 ਨਸ਼ੀਲੀ ਖੁੱਲੀਆ ਹਲਕੇ ਸੰਤਰੀ ਰੰਗ ਦੀਆ ਗੋਲੀਆ ਬਰਾਮਦ ਹੋਈਆ। ਉਨ੍ਹਾਂ ਨੇ ਪੱਤਰਕਾਰਾਂ ਨੂੰ ਜਾਣਕਾਰੀ ਦਿੰਦੇ ਹੋਏ ਦੱਸਿਆ ਕਿ ਕਾਬੂ ਕੀਤੇ ਕਥਿਤ ਆਰੋਪੀ ਦੀ ਪਹਿਚਾਣ ਬਲਵੰਤ ਸਿੰਘ ਉਰਫ ਬੰਤੂ ਪੁੱਤਰ ਹਰਨੇਕ ਸਿੰਘ ਵਾਸੀ ਰੱਕੜਾ ਬੇਟ ਥਾਣਾ ਸਦਰ ਬਲਾਚੌਰ ਜ਼ਿਲ੍ਹਾ ਸ਼ਹੀਦ ਭਗਤ ਸਿੰਘ ਨਗਰ ਦੇ ਰੂਪ ਵਿੱਚ ਹੋਈ।
ਸਿਹਤ ਵਿਭਾਗ ਲੋਕਾਂ ਨੂੰ ਬਿਹਤਰ ਸਿਹਤ ਸਹੂਲਤਾਂ ਮੁਹੱਈਆ ਕਰਵਾਉਣ ਲਈ ਵਚਨਬੱਧ : ਡਾ. ਹਰਪ੍ਰੀਤ ਸਿੰਘ
ਪੇਜ 3 ਨਿਊਜ਼/ ਜਤਿੰਦਰਪਾਲ ਸਿੰਘ
ਨਵਾਂਸ਼ਹਿਰ / 16 ਦਸੰਬਰ
ਸਿਵਲ ਸਰਜਨ ਡਾ. ਜਸਪ੍ਰੀਤ ਕੌਰ ਦੀ ਯੋਗ ਰਹਿਨੁਮਾਈ ਹੇਠ ਜ਼ਿਲ੍ਹਾ ਸਿਹਤ ਵਿਭਾਗ, ਸ਼ਹੀਦ ਭਗਤ ਸਿੰਘ ਨਗਰ ਆਮ ਲੋਕਾਂ ਨੂੰ ਬਿਹਤਰ ਸਿਹਤ ਸੇਵਾਵਾਂ ਮੁਹੱਈਆ ਕਰਵਾਉਣ ਲਈ ਯਤਨਸ਼ੀਲ ਹੈ। ਡਿਪਟੀ ਮੈਡੀਕਲ ਕਮਿਸ਼ਨਰ ਡਾ. ਹਰਪ੍ਰੀਤ ਸਿੰਘ ਨੇ ਇਸੇ ਉਦੇਸ਼ ਨਾਲ ਸੋਮਵਾਰ ਨੂੰ ਐਸ. ਜਨਰਲ ਬਿਕਰਮ ਸਿੰਘ ਸਬ ਡਵੀਜ਼ਨਲ
ਹਸਪਤਾਲ, ਬਲਾਚੌਰ ਵਿਖੇ ਦਾ ਦੌਰਾ ਕਰਕੇ ਆਮ ਲੋਕਾਂ ਨੂੰ ਮੁਹੱਈਆ ਕਰਵਾਈਆਂ ਜਾ ਰਹੀਆਂ ਸਿਹਤ ਸੇਵਾਵਾਂ ਦਾ ਨਿਰੀਖਣ ਕੀਤਾ। ਇਸ ਮੌਕੇ ਉਨ੍ਹਾਂ ਐਮਰਜੈਂਸੀ ਵਾਰਡ, ਓਟ ਸੈਂਟਰ, ਓ.ਪੀ.ਡੀ. ਤੇ ਆਈ.ਪੀ.ਡੀ. ਸਮੇਤ ਸਮੁੱਚੀਆਂ ਸਿਹਤ ਸਹੂਲਤਾਂ ਦਾ ਜਾਇਜ਼ਾ ਲਿਆ। ਉਨ੍ਹਾਂ ਹਸਪਤਾਲ ਵਿੱਚ ਸਾਫ-ਸਫਾਈ ਦੇ ਪ੍ਰਬੰਧਾਂ, ਮੈਡੀਕਲ ਰਿਕਾਰਡ ਤੇ ਸਟਾਕ ਰਜਿਸਟਰਾਂ ਨੂੰ ਵੀ
ਦੇਖਿਆ। ਇਸ ਮੌਕੇ ਡਿਪਟੀ ਮੈਡੀਕਲ ਕਮਿਸ਼ਨਰ ਡਾ. ਹਰਪ੍ਰੀਤ ਸਿੰਘ ਨੇ ਹਸਪਤਾਲ ਦੇ ਅਧਿਕਾਰੀਆਂ ਨਾਲ ਸਿਹਤ ਸਹੂਲਤਾਂ ਨੂੰ ਹੋਰ ਮਜ਼ਬੂਤ ਬਣਾਉਣ ਲਈ ਵਿਚਾਰ-ਵਟਾਂਦਰਾ ਕਰਦੇ ਹੋਏ ਜ਼ਰੂਰੀ ਸੁਝਾਅ ਦਿੱਤੇ ਤਾਂ ਜੋ ਕਿਸੇ ਵੀ ਮਰੀਜ਼ ਨੂੰ ਕਿਸੇ ਵੀ ਕਿਸਮ ਦੀ ਦਿੱਕਤ ਦਾ ਸਾਹਮਣਾ ਨਾ ਕਰਨਾ ਪਵੇ। ਉਨ੍ਹਾਂ ਦੱਸਿਆ ਕਿ ਜ਼ਿਲ੍ਹਾ ਸਿਹਤ ਵਿਭਾਗ ਵੱਲੋਂ ਸਿਹਤ ਸਹੂਲਤਾਂ ਨੂੰ ਹੋਰ ਮਜ਼ਬੂਤ ਬਣਾਉਣ ਦੇ ਉਦੇਸ਼ ਨਾਲ ਸਮੇਂ-ਸਮੇਂ 'ਤੇ ਸਪੋਰਟਿਵ ਸੁਪਰਵੀਜ਼ਨ ਕੀਤੀ ਜਾਂਦੀ ਹੈ। ਲੋਕਾਂ ਨੂੰ ਸਮੇਂ ਸਿਰ ਮਿਆਰੀ ਸਿਹਤ ਸੇਵਾਵਾਂ ਮੁਹੱਈਆ ਕਰਵਾਉਣ ਨੂੰ ਤਰਜੀਹ ਦਿੱਤੀ
ਜਾ ਰਹੀ ਹੈ। ਡਾ. ਹਰਪ੍ਰੀਤ ਸਿੰਘ ਨੇ ਆਮ ਲੋਕਾਂ ਨੂੰ ਮੁਫਤ ਸਿਹਤ ਸਹੂਲਤਾਂ ਦਾ ਵੱਧ ਤੋਂ ਵੱਧ ਲਾਭ ਉਠਾਉਣ ਦੀ ਅਪੀਲ ਕਰਦਿਆਂ ਕਿਹਾ ਕਿ ਸਿਹਤ ਵਿਭਾਗ ਲੋਕਾਂ ਨੂੰ ਬਿਹਤਰ ਸਰਕਾਰੀ ਸਿਹਤ ਸਹੂਲਤਾਂ ਮੁਹੱਈਆ ਕਰਵਾਉਣ ਲਈ ਵਚਨਬੱਧ ਹੈ। ਇਸ ਮੌਕੇ ਮੈਡੀਕਲ ਸਪੈਸ਼ਲਿਸਟ ਡਾ. ਜਤਿੰਦਰ ਕੁਮਾਰ, ਬਲਾਕ ਐਕਸਟੈਂਸ਼ਨ ਐਜੂਕੇਟਰ ਵਿਕਾਸ ਵਿਰਦੀ, ਜ਼ਿਲ੍ਹਾ ਅੰਕੜਾ ਅਫ਼ਸਰ ਨੀਰਜ ਕੁਮਾਰ, ਗੁਰਪ੍ਰੀਤ ਸਿੰਘ ਤੇ ਫਾਰਮੇਸੀ ਅਫ਼ਸਰ ਹਰਮੀਤ ਕੌਰ ਸਮੇਤ ਸਿਹਤ ਵਿਭਾਗ ਦੇ ਹੋਰ ਅਧਿਕਾਰੀ ਅਤੇ ਕਰਮਚਾਰੀ ਮੌਜੂਦ ਸਨ।
